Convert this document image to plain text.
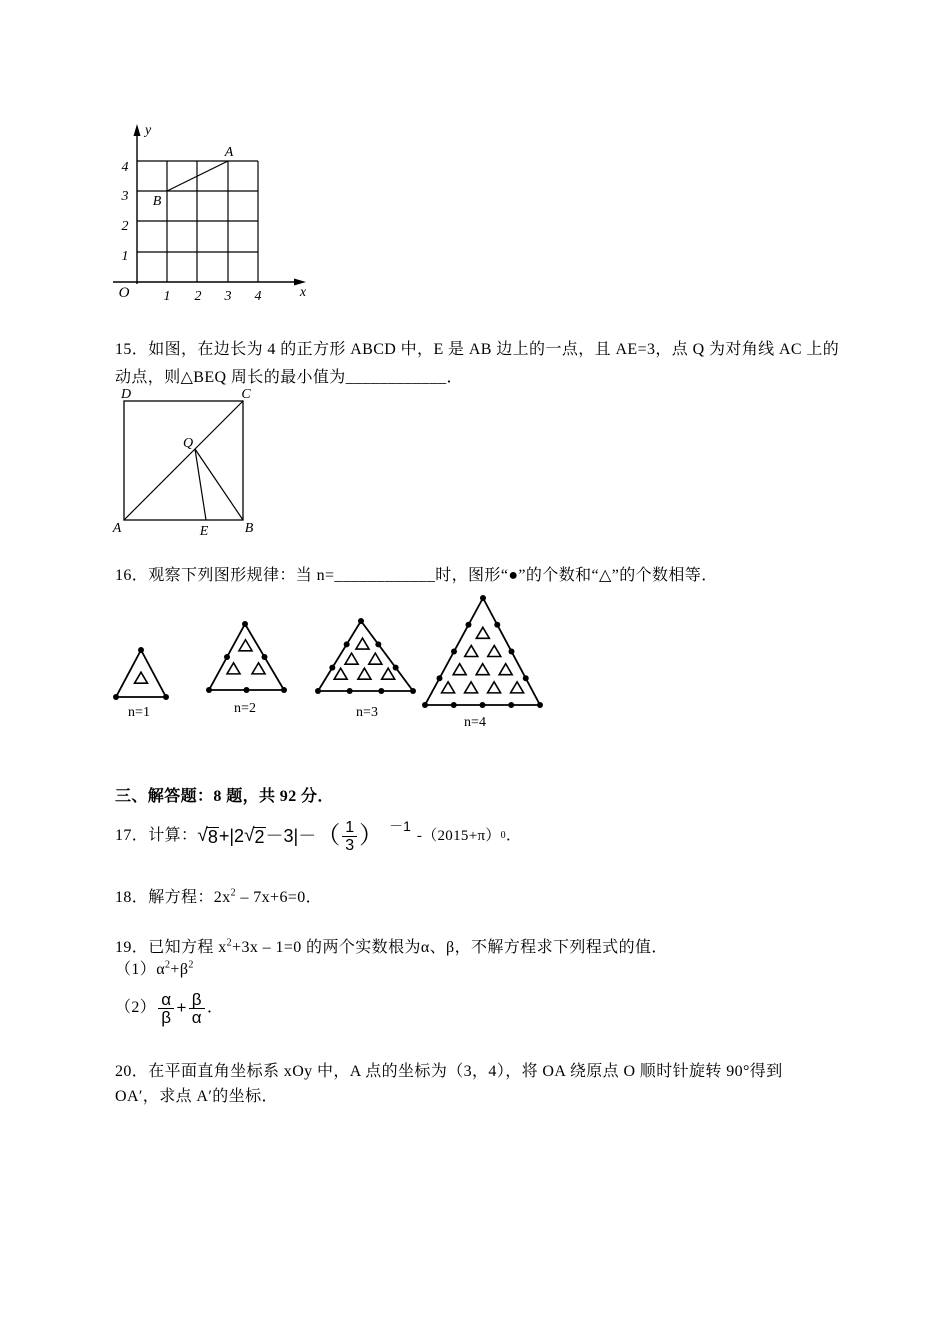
y
4
3
2
1
O 1 2 3 4	x
A
B
15．如图，在边长为 4 的正方形 ABCD 中，E 是 AB 边上的一点，且 AE=3，点 Q 为对角线 AC 上的
动点，则△BEQ 周长的最小值为____________．
D	C
Q
A	E	B
16．观察下列图形规律：当 n=____________时，图形“●”的个数和“△”的个数相等．
n=1	n=2	n=3
n=4
三、解答题：8 题，共 92 分．
17．计算： √ 8 +|2 √ 2 －3|－ （ $\frac{1}{3}$ ） －1
-（2015+π） 0 ．
18．解方程：$2x^2 - 7x+6=0$．
19．已知方程 $x^2+3x - 1=0$ 的两个实数根为α、β，不解方程求下列程式的值．
$(1)\alpha^2+\beta^2$
$(2) \frac{\alpha}{\beta} + \frac{\beta}{\alpha}$ ．
20．在平面直角坐标系 xOy 中，A 点的坐标为（3，4），将 OA 绕原点 O 顺时针旋转 90°得到
OA′，求点 A′的坐标．
